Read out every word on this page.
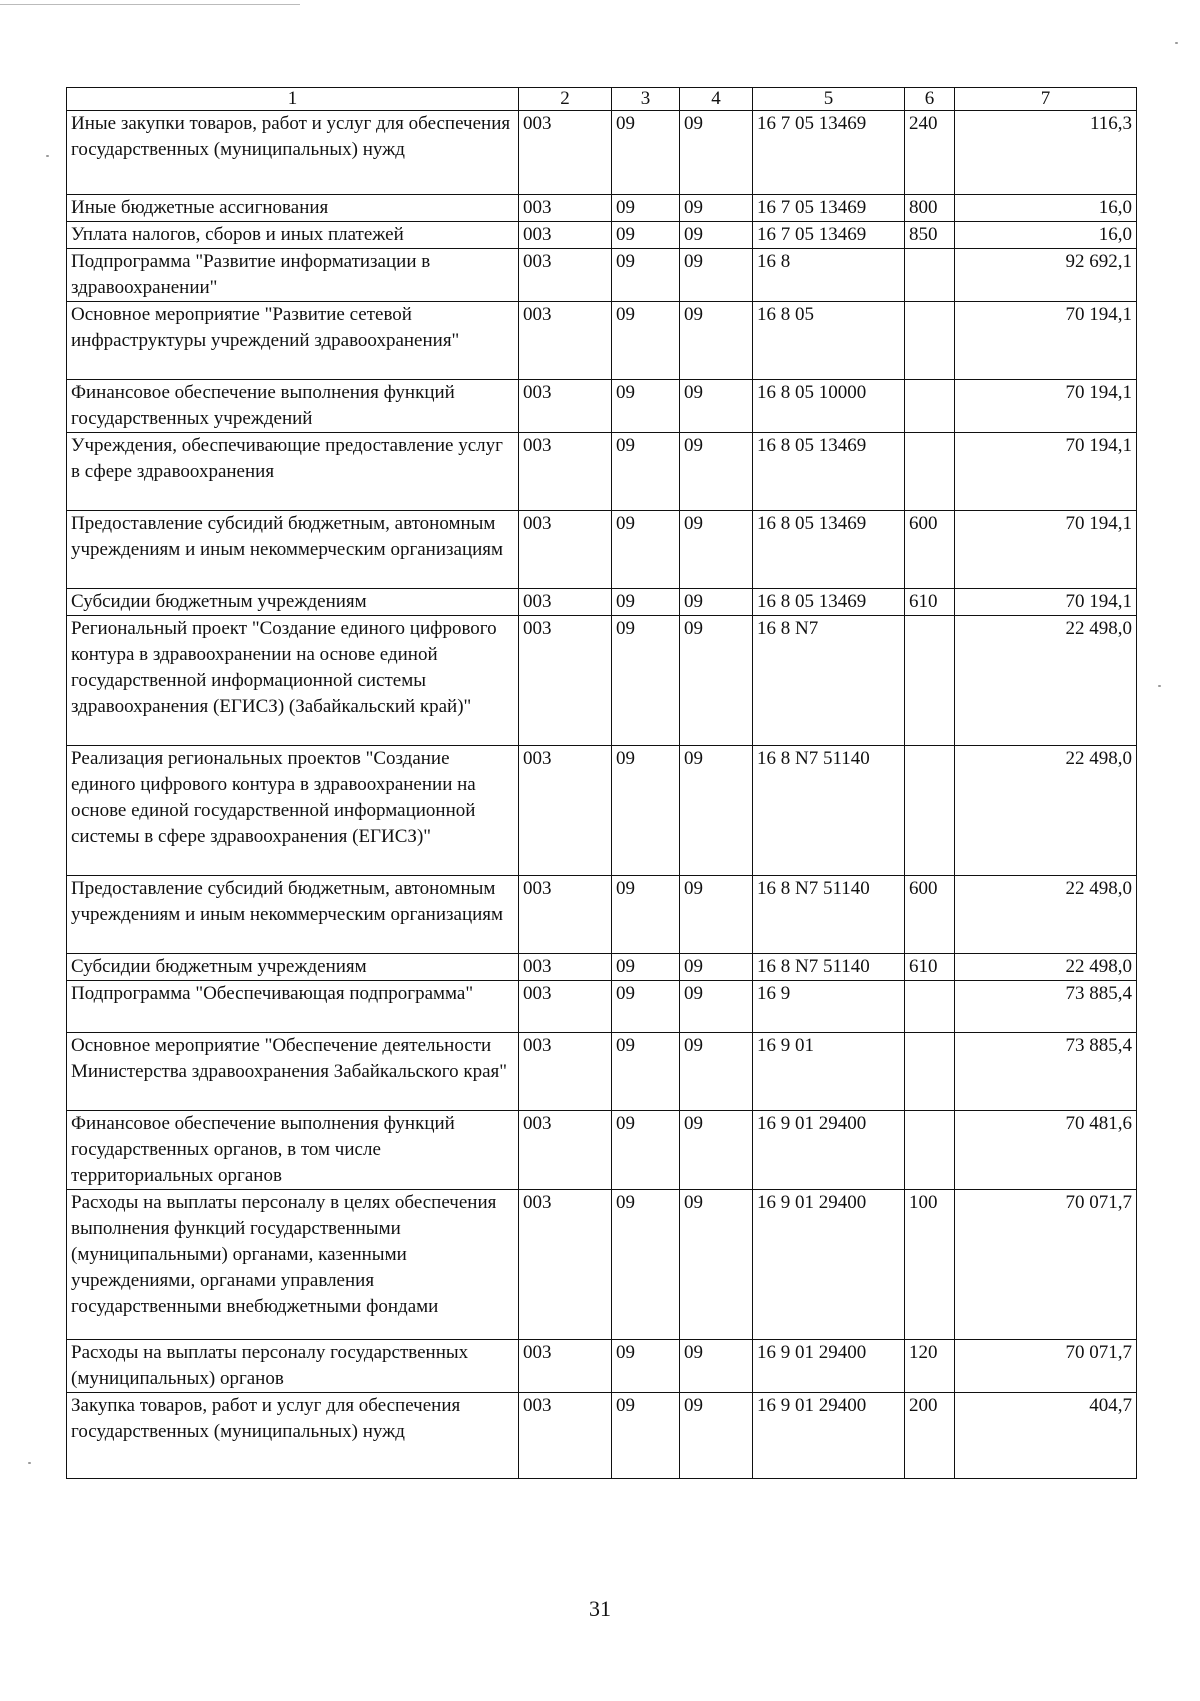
1	2	3	4	5	6	7
Иные закупки товаров, работ и услуг для обеспечения государственных (муниципальных) нужд	003	09	09	16 7 05 13469	240	116,3
Иные бюджетные ассигнования	003	09	09	16 7 05 13469	800	16,0
Уплата налогов, сборов и иных платежей	003	09	09	16 7 05 13469	850	16,0
Подпрограмма "Развитие информатизации в здравоохранении"	003	09	09	16 8		92 692,1
Основное мероприятие "Развитие сетевой инфраструктуры учреждений здравоохранения"	003	09	09	16 8 05		70 194,1
Финансовое обеспечение выполнения функций государственных учреждений	003	09	09	16 8 05 10000		70 194,1
Учреждения, обеспечивающие предоставление услуг в сфере здравоохранения	003	09	09	16 8 05 13469		70 194,1
Предоставление субсидий бюджетным, автономным учреждениям и иным некоммерческим организациям	003	09	09	16 8 05 13469	600	70 194,1
Субсидии бюджетным учреждениям	003	09	09	16 8 05 13469	610	70 194,1
Региональный проект "Создание единого цифрового контура в здравоохранении на основе единой государственной информационной системы здравоохранения (ЕГИСЗ) (Забайкальский край)"	003	09	09	16 8 N7		22 498,0
Реализация региональных проектов "Создание единого цифрового контура в здравоохранении на основе единой государственной информационной системы в сфере здравоохранения (ЕГИСЗ)"	003	09	09	16 8 N7 51140		22 498,0
Предоставление субсидий бюджетным, автономным учреждениям и иным некоммерческим организациям	003	09	09	16 8 N7 51140	600	22 498,0
Субсидии бюджетным учреждениям	003	09	09	16 8 N7 51140	610	22 498,0
Подпрограмма "Обеспечивающая подпрограмма"	003	09	09	16 9		73 885,4
Основное мероприятие "Обеспечение деятельности Министерства здравоохранения Забайкальского края"	003	09	09	16 9 01		73 885,4
Финансовое обеспечение выполнения функций государственных органов, в том числе территориальных органов	003	09	09	16 9 01 29400		70 481,6
Расходы на выплаты персоналу в целях обеспечения выполнения функций государственными (муниципальными) органами, казенными учреждениями, органами управления государственными внебюджетными фондами	003	09	09	16 9 01 29400	100	70 071,7
Расходы на выплаты персоналу государственных (муниципальных) органов	003	09	09	16 9 01 29400	120	70 071,7
Закупка товаров, работ и услуг для обеспечения государственных (муниципальных) нужд	003	09	09	16 9 01 29400	200	404,7
31
